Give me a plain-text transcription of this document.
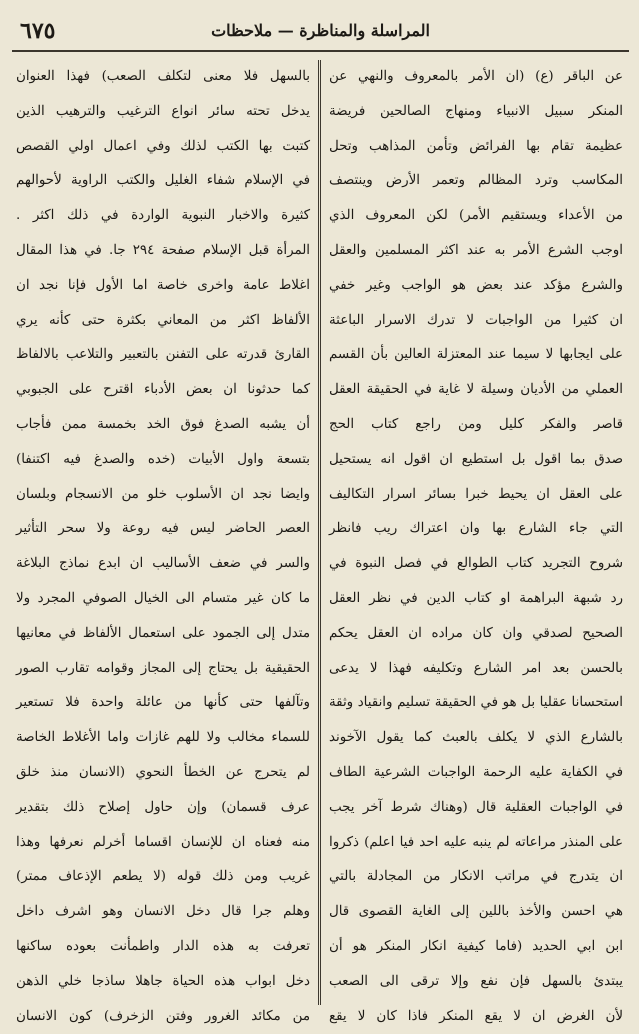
المراسلة والمناظرة — ملاحظات
٦٧٥
عن الباقر (ع) (ان الأمر بالمعروف والنهي عن
المنكر سبيل الانبياء ومنهاج الصالحين فريضة
عظيمة تقام بها الفرائض وتأمن المذاهب وتحل
المكاسب وترد المظالم وتعمر الأرض وينتصف
من الأعداء ويستقيم الأمر) لكن المعروف الذي
اوجب الشرع الأمر به عند اكثر المسلمين والعقل
والشرع مؤكد عند بعض هو الواجب وغير خفي
ان كثيرا من الواجبات لا تدرك الاسرار الباعثة
على ايجابها لا سيما عند المعتزلة العالين بأن القسم
العملي من الأديان وسيلة لا غاية في الحقيقة العقل
قاصر والفكر كليل ومن راجع كتاب الحج
صدق بما اقول بل استطيع ان اقول انه يستحيل
على العقل ان يحيط خبرا بسائر اسرار التكاليف
التي جاء الشارع بها وان اعتراك ريب فانظر
شروح التجريد كتاب الطوالع في فصل النبوة في
رد شبهة البراهمة او كتاب الدين في نظر العقل
الصحيح لصدقي وان كان مراده ان العقل يحكم
بالحسن بعد امر الشارع وتكليفه فهذا لا يدعى
استحسانا عقليا بل هو في الحقيقة تسليم وانقياد وثقة
بالشارع الذي لا يكلف بالعبث كما يقول الآخوند
في الكفاية عليه الرحمة الواجبات الشرعية الطاف
في الواجبات العقلية قال (وهناك شرط آخر يجب
على المنذر مراعاته لم ينبه عليه احد فيا اعلم) ذكروا
ان يتدرج في مراتب الانكار من المجادلة بالتي
هي احسن والأخذ باللين إلى الغاية القصوى قال
ابن ابي الحديد (فاما كيفية انكار المنكر هو أن
يبتدئ بالسهل فإن نفع وإلا ترقى الى الصعب
لأن الغرض ان لا يقع المنكر فاذا كان لا يقع
بالسهل فلا معنى لتكلف الصعب) فهذا العنوان
يدخل تحته سائر انواع الترغيب والترهيب الذين
كتبت بها الكتب لذلك وفي اعمال اولي القصص
في الإسلام شفاء الغليل والكتب الراوية لأحوالهم
كثيرة والاخبار النبوية الواردة في ذلك اكثر .
المرأة قبل الإسلام صفحة ٢٩٤ جا. في هذا المقال
اغلاط عامة واخرى خاصة اما الأول فإنا نجد ان
الألفاظ اكثر من المعاني بكثرة حتى كأنه يري
القارئ قدرته على التفنن بالتعبير والتلاعب بالالفاظ
كما حدثونا ان بعض الأدباء اقترح على الجبوبي
أن يشبه الصدغ فوق الخد بخمسة ممن فأجاب
بتسعة واول الأبيات (خده والصدغ فيه اكتنفا)
وايضا نجد ان الأسلوب خلو من الانسجام وبلسان
العصر الحاضر ليس فيه روعة ولا سحر التأثير
والسر في ضعف الأساليب ان ابدع نماذج البلاغة
ما كان غير متسام الى الخيال الصوفي المجرد ولا
متدل إلى الجمود على استعمال الألفاظ في معانيها
الحقيقية بل يحتاج إلى المجاز وقوامه تقارب الصور
وتآلفها حتى كأنها من عائلة واحدة فلا تستعير
للسماء مخالب ولا للهم غازات واما الأغلاط الخاصة
لم يتحرج عن الخطأ النحوي (الانسان منذ خلق
عرف قسمان) وإن حاول إصلاح ذلك بتقدير
منه فعناه ان للإنسان اقساما أخرلم نعرفها وهذا
غريب ومن ذلك قوله (لا يطعم الإذعاف ممتر)
وهلم جرا قال دخل الانسان وهو اشرف داخل
تعرفت به هذه الدار واطمأنت بعوده ساكنها
دخل ابواب هذه الحياة جاهلا ساذجا خلي الذهن
من مكائد الغرور وفتن الزخرف) كون الانسان
